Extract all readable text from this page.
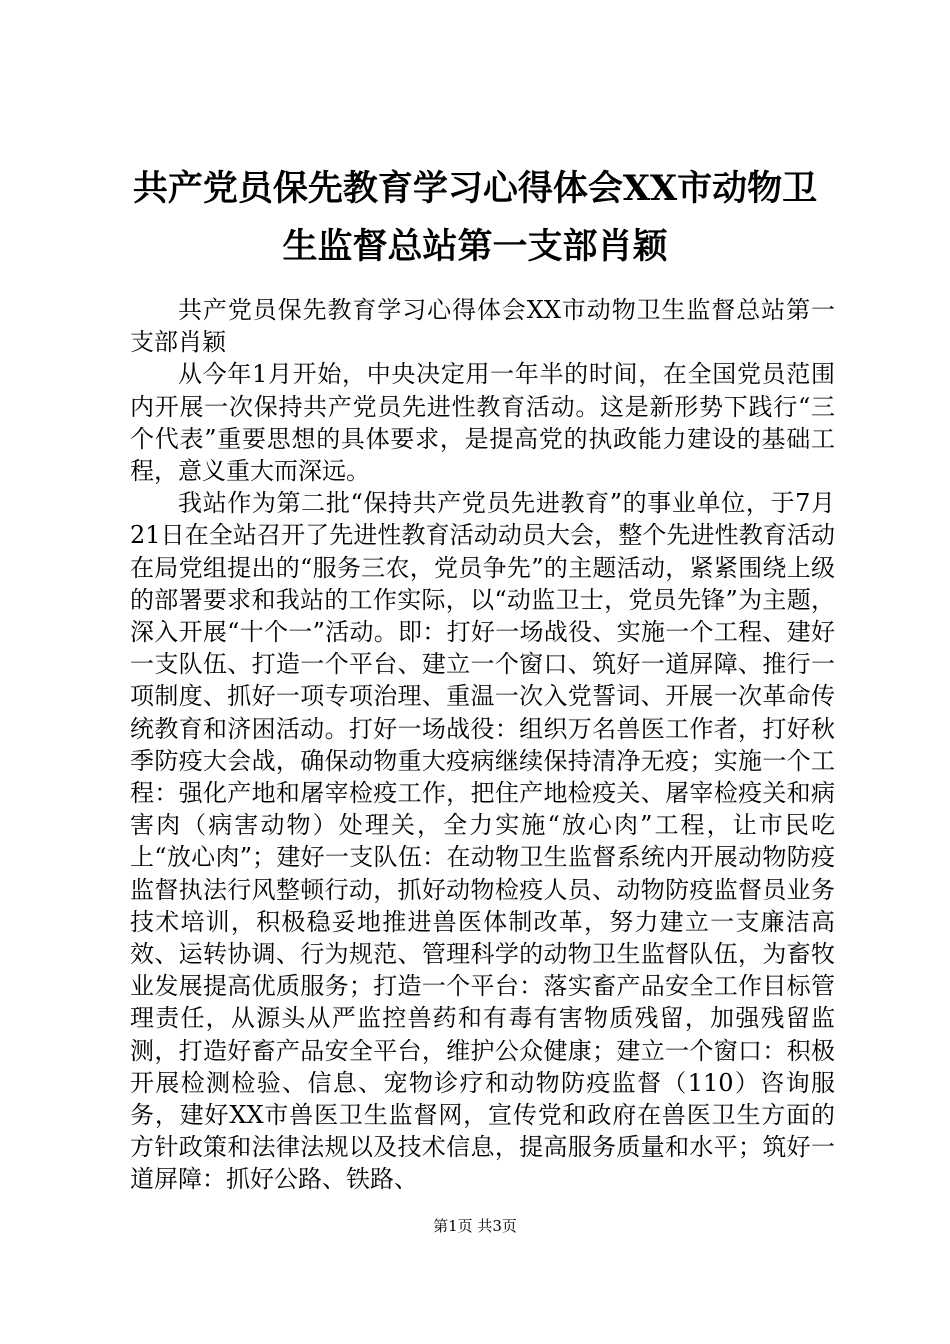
共产党员保先教育学习心得体会XX市动物卫生监督总站第一支部肖颖

共产党员保先教育学习心得体会XX市动物卫生监督总站第一支部肖颖

从今年1月开始，中央决定用一年半的时间，在全国党员范围内开展一次保持共产党员先进性教育活动。这是新形势下践行“三个代表”重要思想的具体要求，是提高党的执政能力建设的基础工程，意义重大而深远。

我站作为第二批“保持共产党员先进教育”的事业单位，于7月21日在全站召开了先进性教育活动动员大会，整个先进性教育活动在局党组提出的“服务三农，党员争先”的主题活动，紧紧围绕上级的部署要求和我站的工作实际，以“动监卫士，党员先锋”为主题，深入开展“十个一”活动。即：打好一场战役、实施一个工程、建好一支队伍、打造一个平台、建立一个窗口、筑好一道屏障、推行一项制度、抓好一项专项治理、重温一次入党誓词、开展一次革命传统教育和济困活动。打好一场战役：组织万名兽医工作者，打好秋季防疫大会战，确保动物重大疫病继续保持清净无疫；实施一个工程：强化产地和屠宰检疫工作，把住产地检疫关、屠宰检疫关和病害肉（病害动物）处理关，全力实施“放心肉”工程，让市民吃上“放心肉”；建好一支队伍：在动物卫生监督系统内开展动物防疫监督执法行风整顿行动，抓好动物检疫人员、动物防疫监督员业务技术培训，积极稳妥地推进兽医体制改革，努力建立一支廉洁高效、运转协调、行为规范、管理科学的动物卫生监督队伍，为畜牧业发展提高优质服务；打造一个平台：落实畜产品安全工作目标管理责任，从源头从严监控兽药和有毒有害物质残留，加强残留监测，打造好畜产品安全平台，维护公众健康；建立一个窗口：积极开展检测检验、信息、宠物诊疗和动物防疫监督（110）咨询服务，建好XX市兽医卫生监督网，宣传党和政府在兽医卫生方面的方针政策和法律法规以及技术信息，提高服务质量和水平；筑好一道屏障：抓好公路、铁路、

第1页 共3页
